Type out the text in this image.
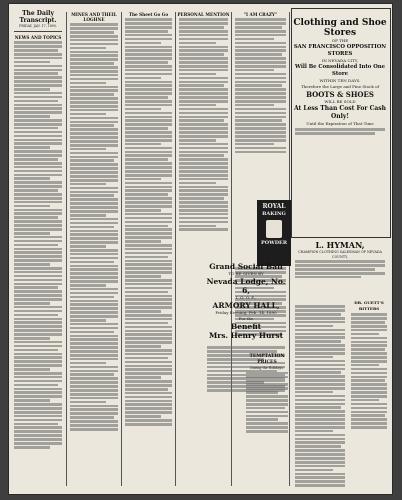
The Daily Transcript.
FRIDAY, JAN. 17, 1890.
NEWS AND TOPICS
MINES AND THEIL LOGHNE
The Sheet Go Go	PERSONAL MENTION	"I AM CRAZY"
ROYAL
BAKING
POWDER
Grand Social Ball
TO BE GIVEN BY
Nevada Lodge, No. 6,
I. O. O. F.,
ARMORY HALL,
Friday Evening, Feb. 14, 1890
For the
Benefit
Mrs. Henry Hurst
TEMPTATION PRICES
During the Holidays.
Clothing and Shoe Stores
OF THE
SAN FRANCISCO OPPOSITION STORES
IN NEVADA CITY,
Will Be Consolidated Into One Store
WITHIN TEN DAYS.
Therefore the Large and Fine Stock of
BOOTS & SHOES
WILL BE SOLD
At Less Than Cost For Cash Only!
Until the Expiration of That Time
L. HYMAN,
CHAMPION CLOTHING SALESMAN OF NEVADA COUNTY,
DR. GUETT'S
BITTERS
